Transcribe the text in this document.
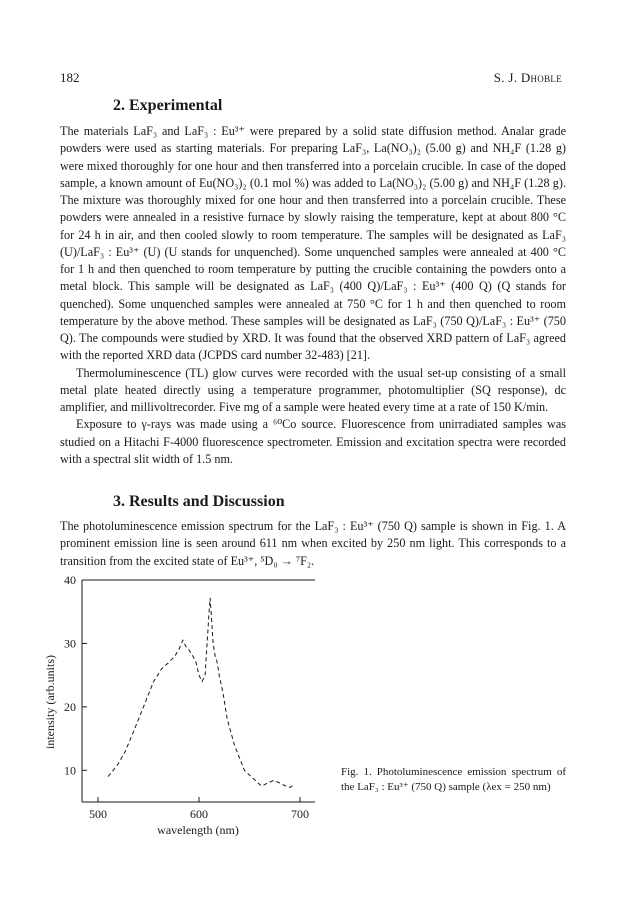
182	S. J. Dhoble
2. Experimental

The materials LaF₃ and LaF₃ : Eu³⁺ were prepared by a solid state diffusion method. Analar grade powders were used as starting materials. For preparing LaF₃, La(NO₃)₂ (5.00 g) and NH₄F (1.28 g) were mixed thoroughly for one hour and then transferred into a porcelain crucible. In case of the doped sample, a known amount of Eu(NO₃)₂ (0.1 mol %) was added to La(NO₃)₂ (5.00 g) and NH₄F (1.28 g). The mixture was thoroughly mixed for one hour and then transferred into a porcelain crucible. These powders were annealed in a resistive furnace by slowly raising the temperature, kept at about 800 °C for 24 h in air, and then cooled slowly to room temperature. The samples will be designated as LaF₃ (U)/LaF₃ : Eu³⁺ (U) (U stands for unquenched). Some unquenched samples were annealed at 400 °C for 1 h and then quenched to room temperature by putting the crucible containing the powders onto a metal block. This sample will be designated as LaF₃ (400 Q)/LaF₃ : Eu³⁺ (400 Q) (Q stands for quenched). Some unquenched samples were annealed at 750 °C for 1 h and then quenched to room temperature by the above method. These samples will be designated as LaF₃ (750 Q)/LaF₃ : Eu³⁺ (750 Q). The compounds were studied by XRD. It was found that the observed XRD pattern of LaF₃ agreed with the reported XRD data (JCPDS card number 32-483) [21].

Thermoluminescence (TL) glow curves were recorded with the usual set-up consisting of a small metal plate heated directly using a temperature programmer, photomultiplier (SQ response), dc amplifier, and millivoltrecorder. Five mg of a sample were heated every time at a rate of 150 K/min.

Exposure to γ-rays was made using a ⁶⁰Co source. Fluorescence from unirradiated samples was studied on a Hitachi F-4000 fluorescence spectrometer. Emission and excitation spectra were recorded with a spectral slit width of 1.5 nm.

3. Results and Discussion

The photoluminescence emission spectrum for the LaF₃ : Eu³⁺ (750 Q) sample is shown in Fig. 1. A prominent emission line is seen around 611 nm when excited by 250 nm light. This corresponds to a transition from the excited state of Eu³⁺, ⁵D₀ → ⁷F₂.

500	600	700
10
20
30
40
wavelength (nm)
intensity (arb.units)
Fig. 1. Photoluminescence emission spectrum of the LaF₃ : Eu³⁺ (750 Q) sample (λex = 250 nm)
